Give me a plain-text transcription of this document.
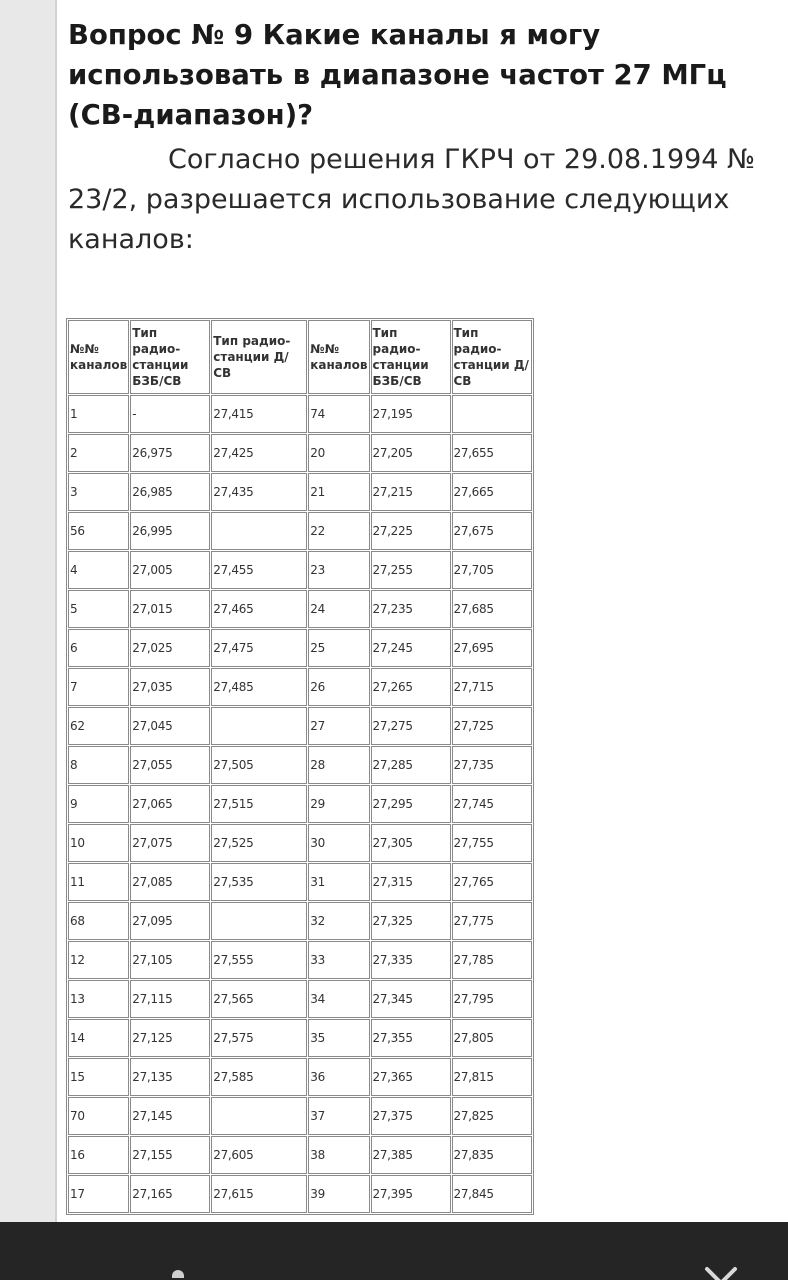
Вопрос № 9 Какие каналы я могу использовать в диапазоне частот 27 МГц (СВ-диапазон)?

Согласно решения ГКРЧ от 29.08.1994 № 23/2, разрешается использование следующих каналов:

№№ каналов	Тип радио-станции БЗБ/СВ	Тип радио-станции Д/СВ	№№ каналов	Тип радио-станции БЗБ/СВ	Тип радио-станции Д/СВ
1	-	27,415	74	27,195	
2	26,975	27,425	20	27,205	27,655
3	26,985	27,435	21	27,215	27,665
56	26,995		22	27,225	27,675
4	27,005	27,455	23	27,255	27,705
5	27,015	27,465	24	27,235	27,685
6	27,025	27,475	25	27,245	27,695
7	27,035	27,485	26	27,265	27,715
62	27,045		27	27,275	27,725
8	27,055	27,505	28	27,285	27,735
9	27,065	27,515	29	27,295	27,745
10	27,075	27,525	30	27,305	27,755
11	27,085	27,535	31	27,315	27,765
68	27,095		32	27,325	27,775
12	27,105	27,555	33	27,335	27,785
13	27,115	27,565	34	27,345	27,795
14	27,125	27,575	35	27,355	27,805
15	27,135	27,585	36	27,365	27,815
70	27,145		37	27,375	27,825
16	27,155	27,605	38	27,385	27,835
17	27,165	27,615	39	27,395	27,845
